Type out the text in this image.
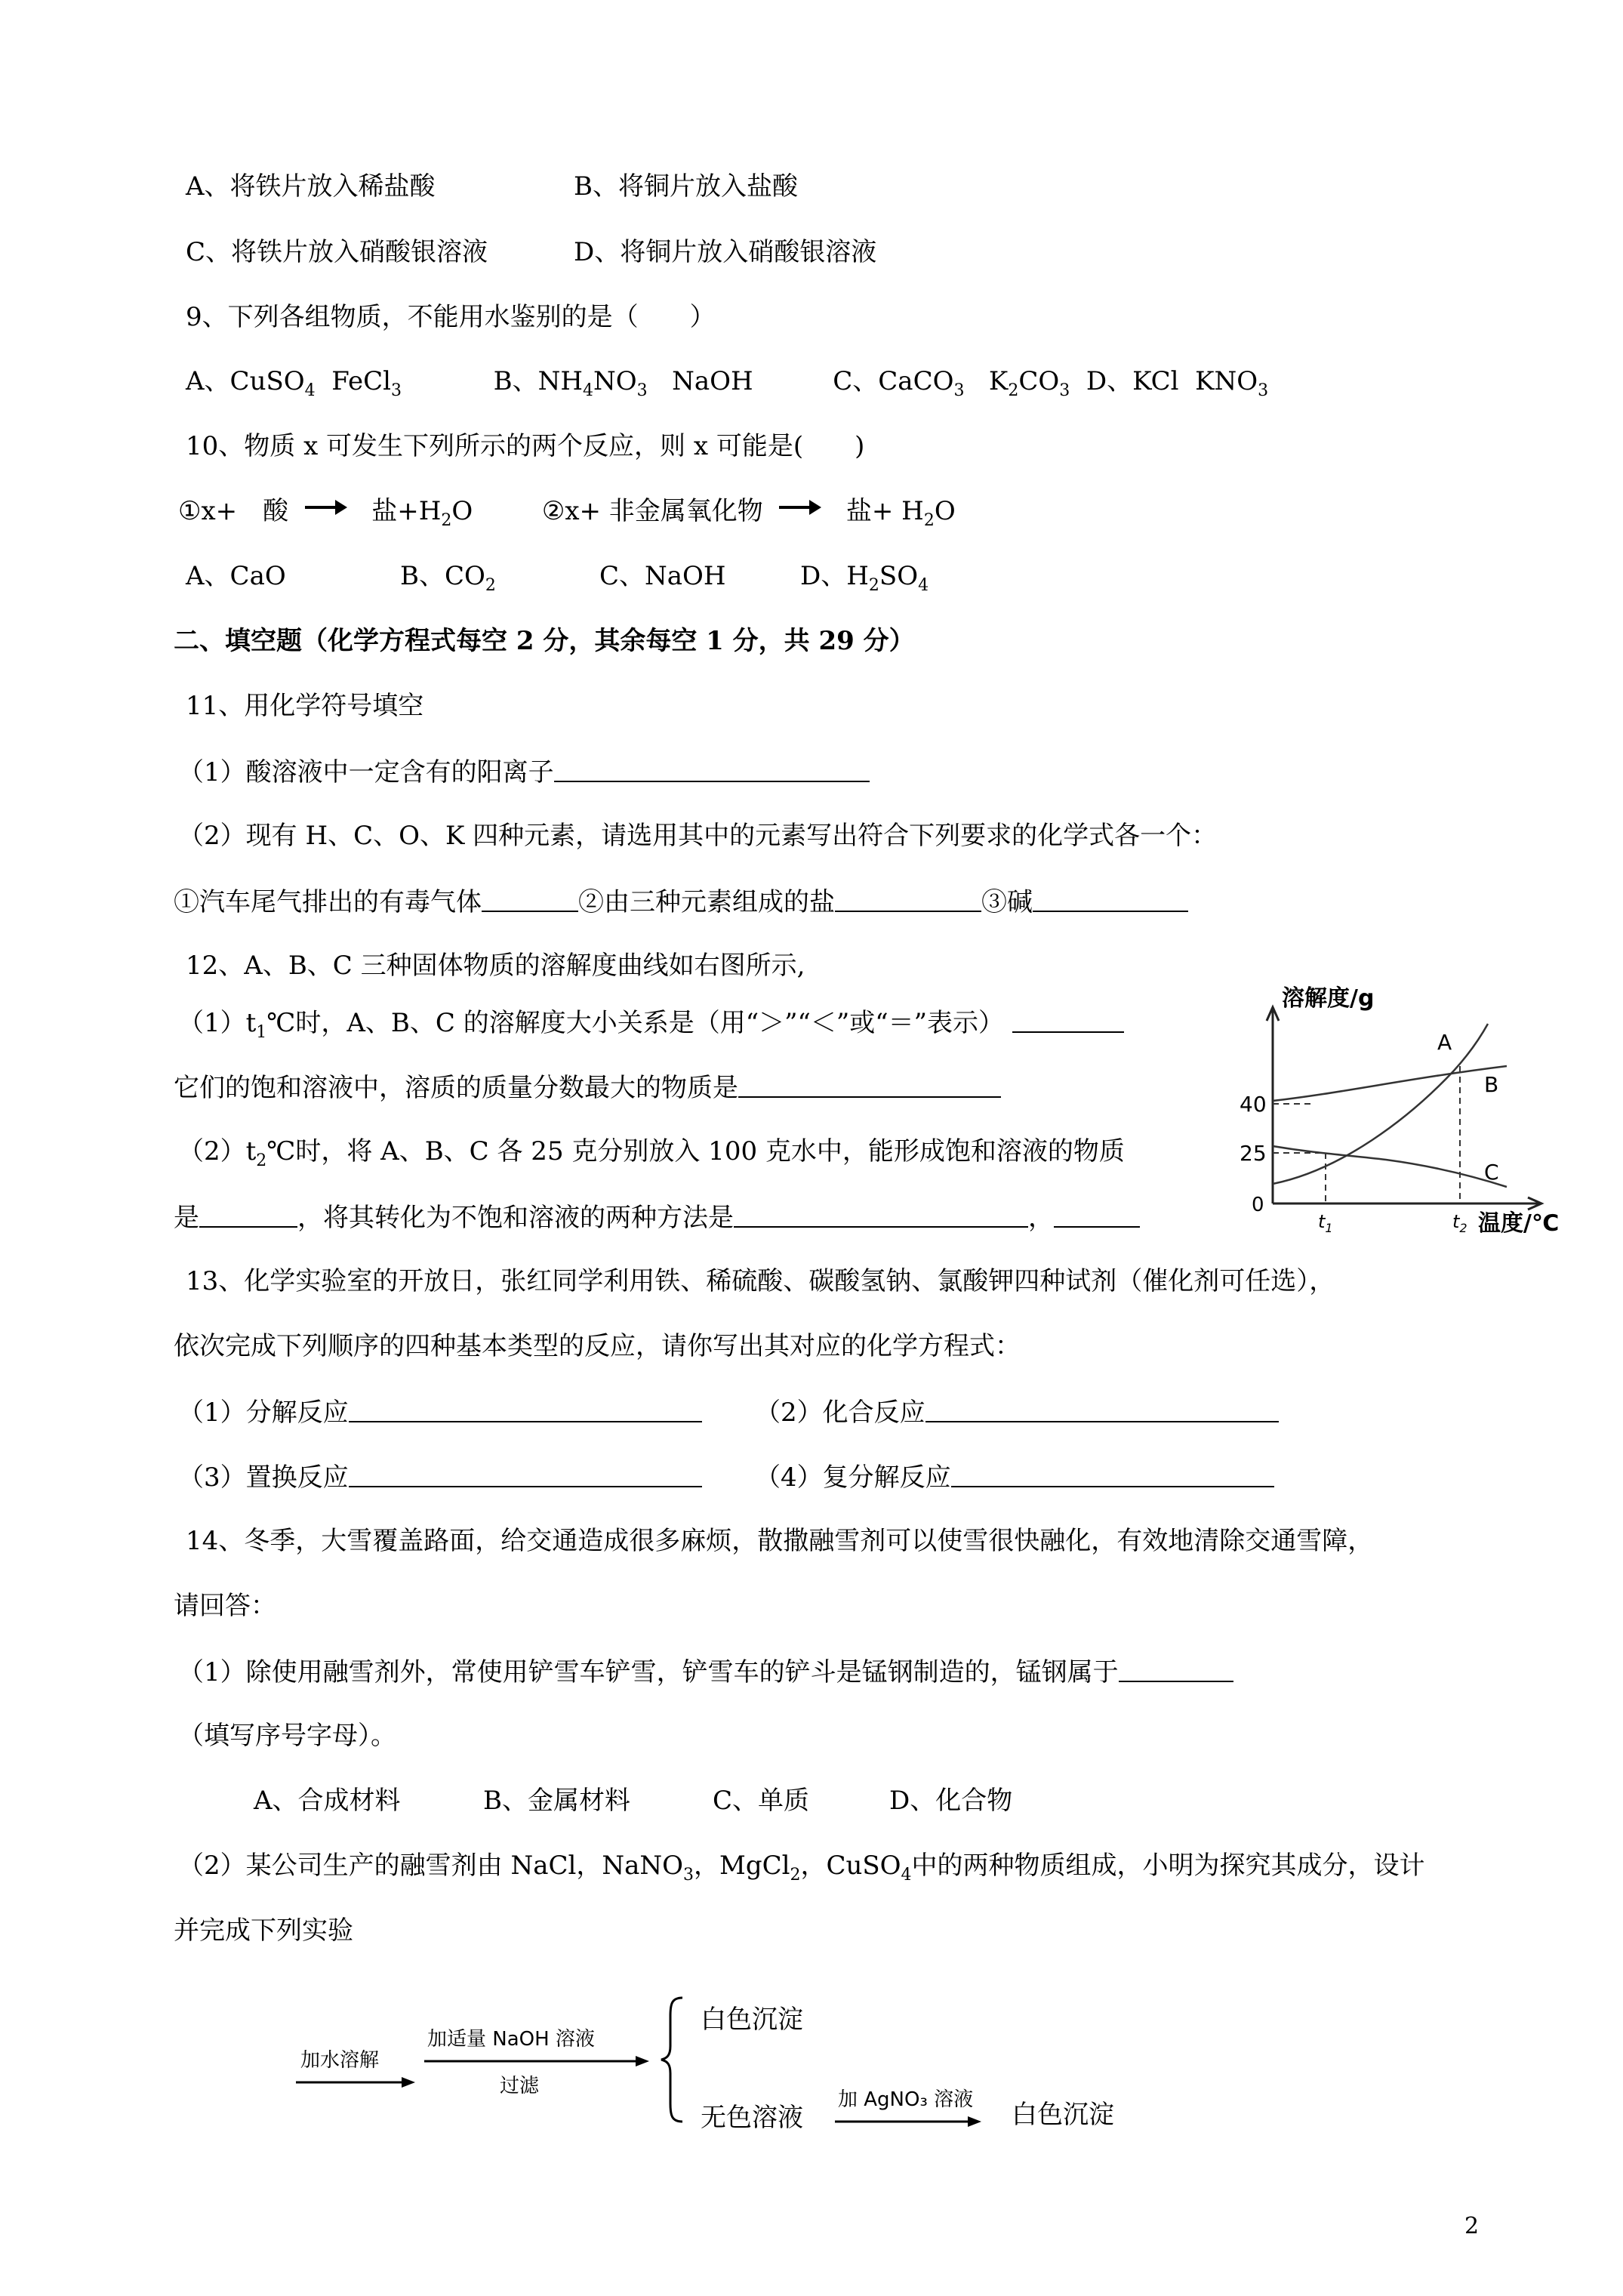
A、将铁片放入稀盐酸	B、将铜片放入盐酸
C、将铁片放入硝酸银溶液	D、将铜片放入硝酸银溶液
9、下列各组物质，不能用水鉴别的是（　　）
A、CuSO$_4$ FeCl$_3$	B、$NH_4NO_3$ NaOH	C、CaCO$_3$ $K_2CO_3$ D、KCl $KNO_3$
10、物质 x 可发生下列所示的两个反应，则 x 可能是(　　)
①x+　酸	盐$+H_2O$	②x+ 非金属氧化物	盐+ $H_2O$
A、CaO	B、$CO_2$	C、NaOH	D、$H_2SO_4$
二、填空题（化学方程式每空 2 分，其余每空 1 分，共 29 分）
11、用化学符号填空
（1）酸溶液中一定含有的阳离子
（2）现有 H、C、O、K 四种元素，请选用其中的元素写出符合下列要求的化学式各一个：
①汽车尾气排出的有毒气体	②由三种元素组成的盐	③碱
12、A、B、C 三种固体物质的溶解度曲线如右图所示,
$(1)t_1℃$时，A、B、C 的溶解度大小关系是（用“＞”“＜”或“＝”表示）
它们的饱和溶液中，溶质的质量分数最大的物质是
$(2)t_2℃$时，将 A、B、C 各 25 克分别放入 100 克水中，能形成饱和溶液的物质
是	，将其转化为不饱和溶液的两种方法是	，
溶解度/g
40
25
0
$t_1$	$t_2$
A
B
C
温度/℃
13、化学实验室的开放日，张红同学利用铁、稀硫酸、碳酸氢钠、氯酸钾四种试剂（催化剂可任选），
依次完成下列顺序的四种基本类型的反应，请你写出其对应的化学方程式：
（1）分解反应	（2）化合反应
（3）置换反应	（4）复分解反应
14、冬季，大雪覆盖路面，给交通造成很多麻烦，散撒融雪剂可以使雪很快融化，有效地清除交通雪障，
请回答：
（1）除使用融雪剂外，常使用铲雪车铲雪，铲雪车的铲斗是锰钢制造的，锰钢属于
（填写序号字母）。
A、合成材料	B、金属材料	C、单质	D、化合物
（2）某公司生产的融雪剂由 NaCl，NaNO$_3$，MgCl$_2$，CuSO$_4$中的两种物质组成，小明为探究其成分，设计
并完成下列实验
加水溶解
加适量 NaOH 溶液
过滤
白色沉淀
无色溶液
加 AgNO₃ 溶液 白色沉淀
2
